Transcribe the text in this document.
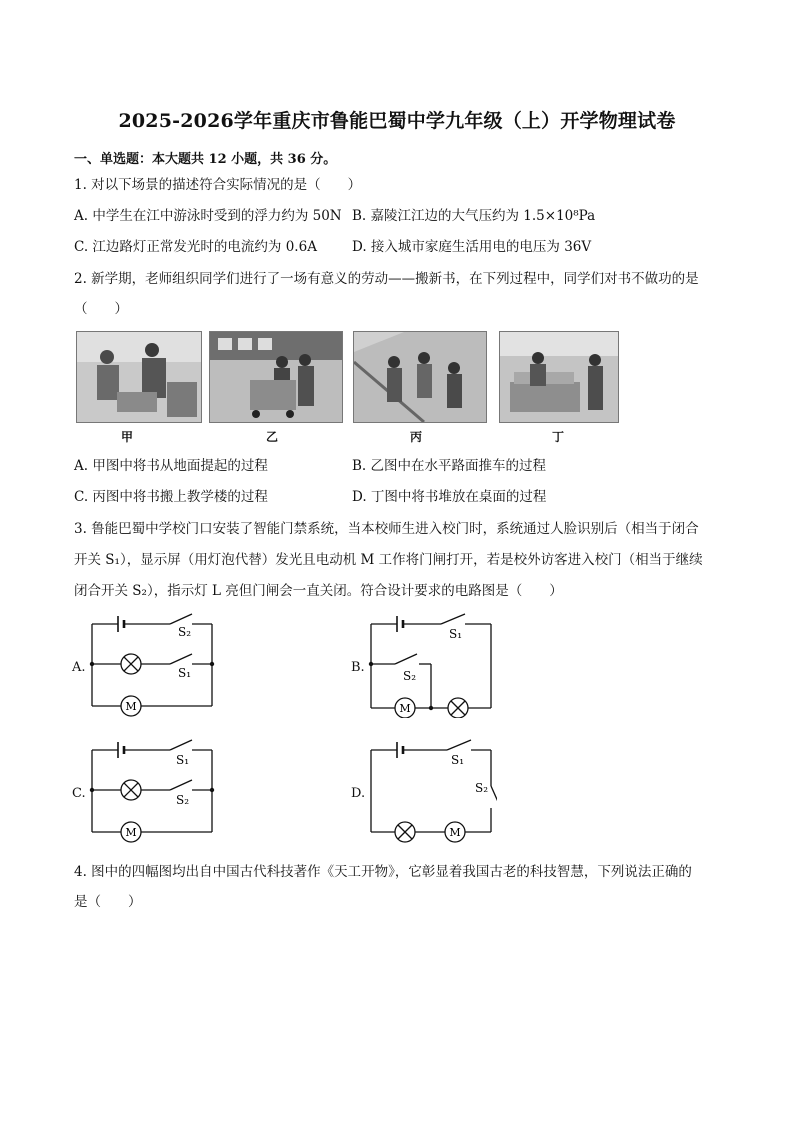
2025-2026学年重庆市鲁能巴蜀中学九年级（上）开学物理试卷
一、单选题：本大题共 12 小题，共 36 分。
1. 对以下场景的描述符合实际情况的是（　　）
A. 中学生在江中游泳时受到的浮力约为 50N B. 嘉陵江江边的大气压约为 1.5×10⁸Pa
C. 江边路灯正常发光时的电流约为 0.6A	D. 接入城市家庭生活用电的电压为 36V
2. 新学期，老师组织同学们进行了一场有意义的劳动——搬新书，在下列过程中，同学们对书不做功的是
（　　）
甲	乙	丙	丁
A. 甲图中将书从地面提起的过程	B. 乙图中在水平路面推车的过程
C. 丙图中将书搬上教学楼的过程	D. 丁图中将书堆放在桌面的过程
3. 鲁能巴蜀中学校门口安装了智能门禁系统，当本校师生进入校门时，系统通过人脸识别后（相当于闭合
开关 S₁），显示屏（用灯泡代替）发光且电动机 M 工作将门闸打开，若是校外访客进入校门（相当于继续
闭合开关 S₂），指示灯 L 亮但门闸会一直关闭。符合设计要求的电路图是（　　）
A.	B.
C.	D.
M
S₂
S₁
M
S₁
S₂
M
S₁
S₂
M
S₁
S₂
4. 图中的四幅图均出自中国古代科技著作《天工开物》，它彰显着我国古老的科技智慧，下列说法正确的
是（　　）
